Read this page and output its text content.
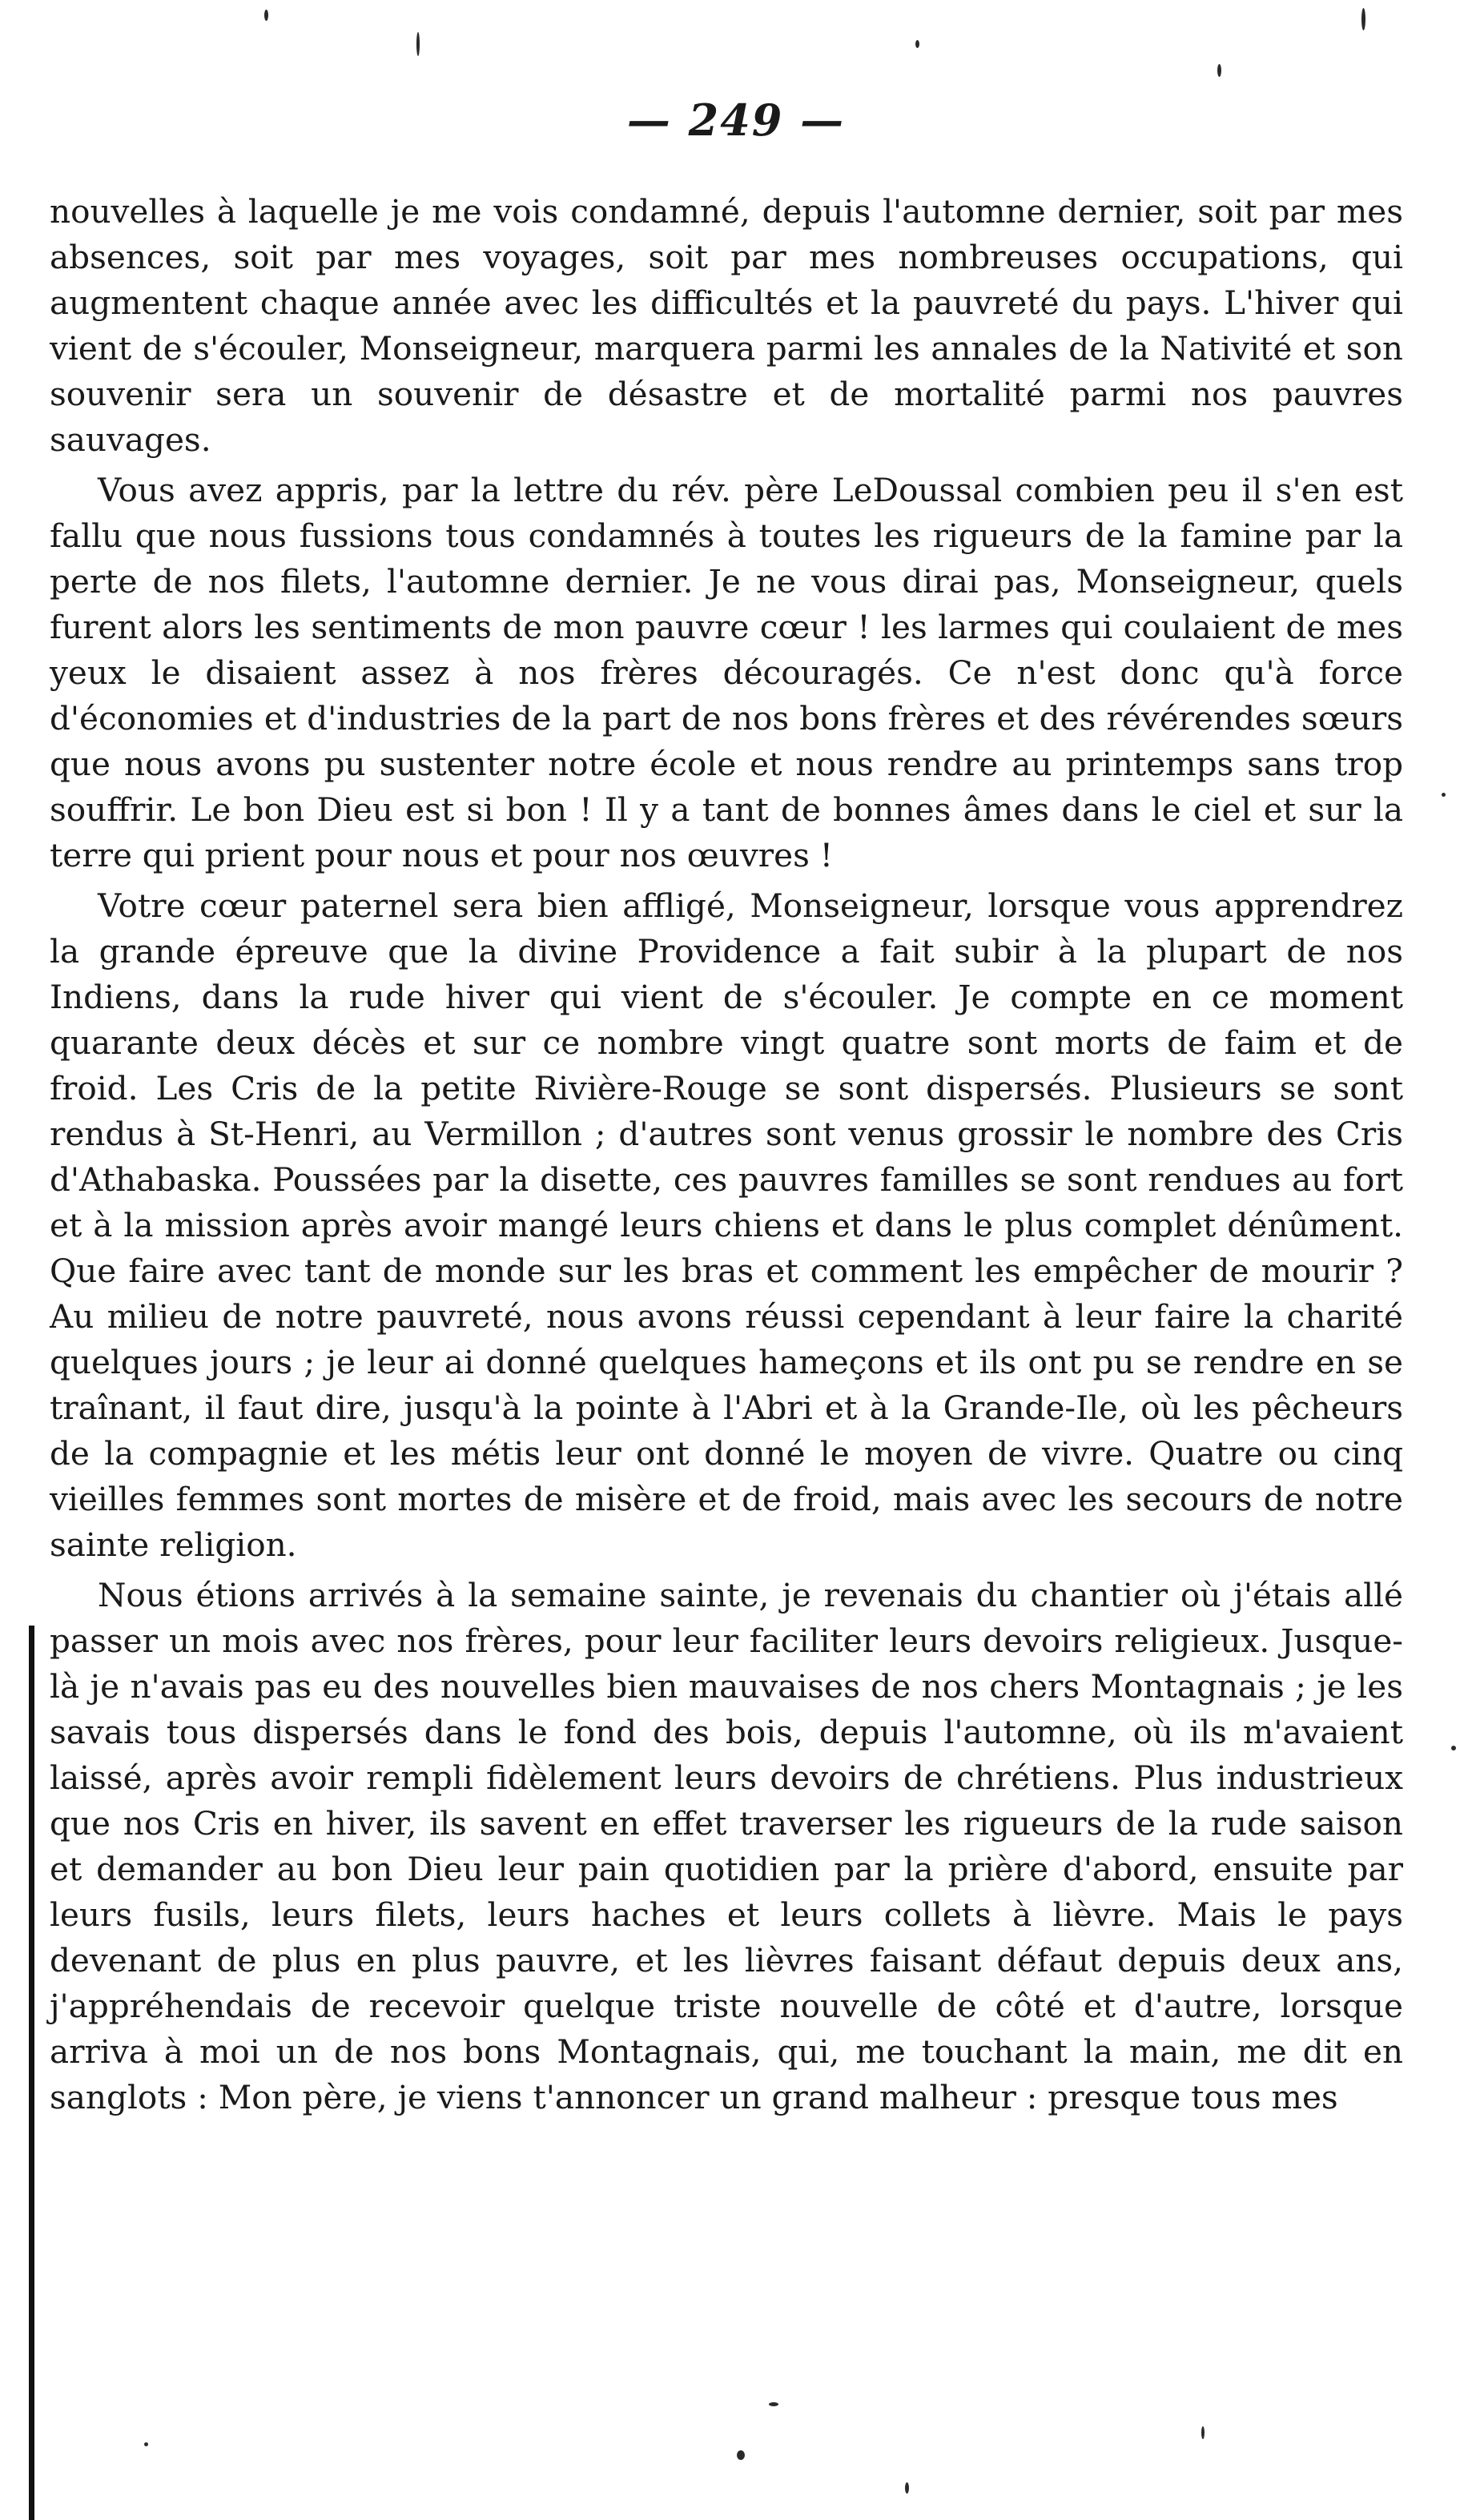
— 249 —

nouvelles à laquelle je me vois condamné, depuis l'automne dernier, soit par mes absences, soit par mes voyages, soit par mes nombreuses occupations, qui augmentent chaque année avec les difficultés et la pauvreté du pays. L'hiver qui vient de s'écouler, Monseigneur, marquera parmi les annales de la Nativité et son souvenir sera un souvenir de désastre et de mortalité parmi nos pauvres sauvages.

Vous avez appris, par la lettre du rév. père LeDoussal combien peu il s'en est fallu que nous fussions tous condamnés à toutes les rigueurs de la famine par la perte de nos filets, l'automne dernier. Je ne vous dirai pas, Monseigneur, quels furent alors les sentiments de mon pauvre cœur ! les larmes qui coulaient de mes yeux le disaient assez à nos frères découragés. Ce n'est donc qu'à force d'économies et d'industries de la part de nos bons frères et des révérendes sœurs que nous avons pu sustenter notre école et nous rendre au printemps sans trop souffrir. Le bon Dieu est si bon ! Il y a tant de bonnes âmes dans le ciel et sur la terre qui prient pour nous et pour nos œuvres !

Votre cœur paternel sera bien affligé, Monseigneur, lorsque vous apprendrez la grande épreuve que la divine Providence a fait subir à la plupart de nos Indiens, dans la rude hiver qui vient de s'écouler. Je compte en ce moment quarante deux décès et sur ce nombre vingt quatre sont morts de faim et de froid. Les Cris de la petite Rivière-Rouge se sont dispersés. Plusieurs se sont rendus à St-Henri, au Vermillon ; d'autres sont venus grossir le nombre des Cris d'Athabaska. Poussées par la disette, ces pauvres familles se sont rendues au fort et à la mission après avoir mangé leurs chiens et dans le plus complet dénûment. Que faire avec tant de monde sur les bras et comment les empêcher de mourir ? Au milieu de notre pauvreté, nous avons réussi cependant à leur faire la charité quelques jours ; je leur ai donné quelques hameçons et ils ont pu se rendre en se traînant, il faut dire, jusqu'à la pointe à l'Abri et à la Grande-Ile, où les pêcheurs de la compagnie et les métis leur ont donné le moyen de vivre. Quatre ou cinq vieilles femmes sont mortes de misère et de froid, mais avec les secours de notre sainte religion.

Nous étions arrivés à la semaine sainte, je revenais du chantier où j'étais allé passer un mois avec nos frères, pour leur faciliter leurs devoirs religieux. Jusque-là je n'avais pas eu des nouvelles bien mauvaises de nos chers Montagnais ; je les savais tous dispersés dans le fond des bois, depuis l'automne, où ils m'avaient laissé, après avoir rempli fidèlement leurs devoirs de chrétiens. Plus industrieux que nos Cris en hiver, ils savent en effet traverser les rigueurs de la rude saison et demander au bon Dieu leur pain quotidien par la prière d'abord, ensuite par leurs fusils, leurs filets, leurs haches et leurs collets à lièvre. Mais le pays devenant de plus en plus pauvre, et les lièvres faisant défaut depuis deux ans, j'appréhendais de recevoir quelque triste nouvelle de côté et d'autre, lorsque arriva à moi un de nos bons Montagnais, qui, me touchant la main, me dit en sanglots : Mon père, je viens t'annoncer un grand malheur : presque tous mes
